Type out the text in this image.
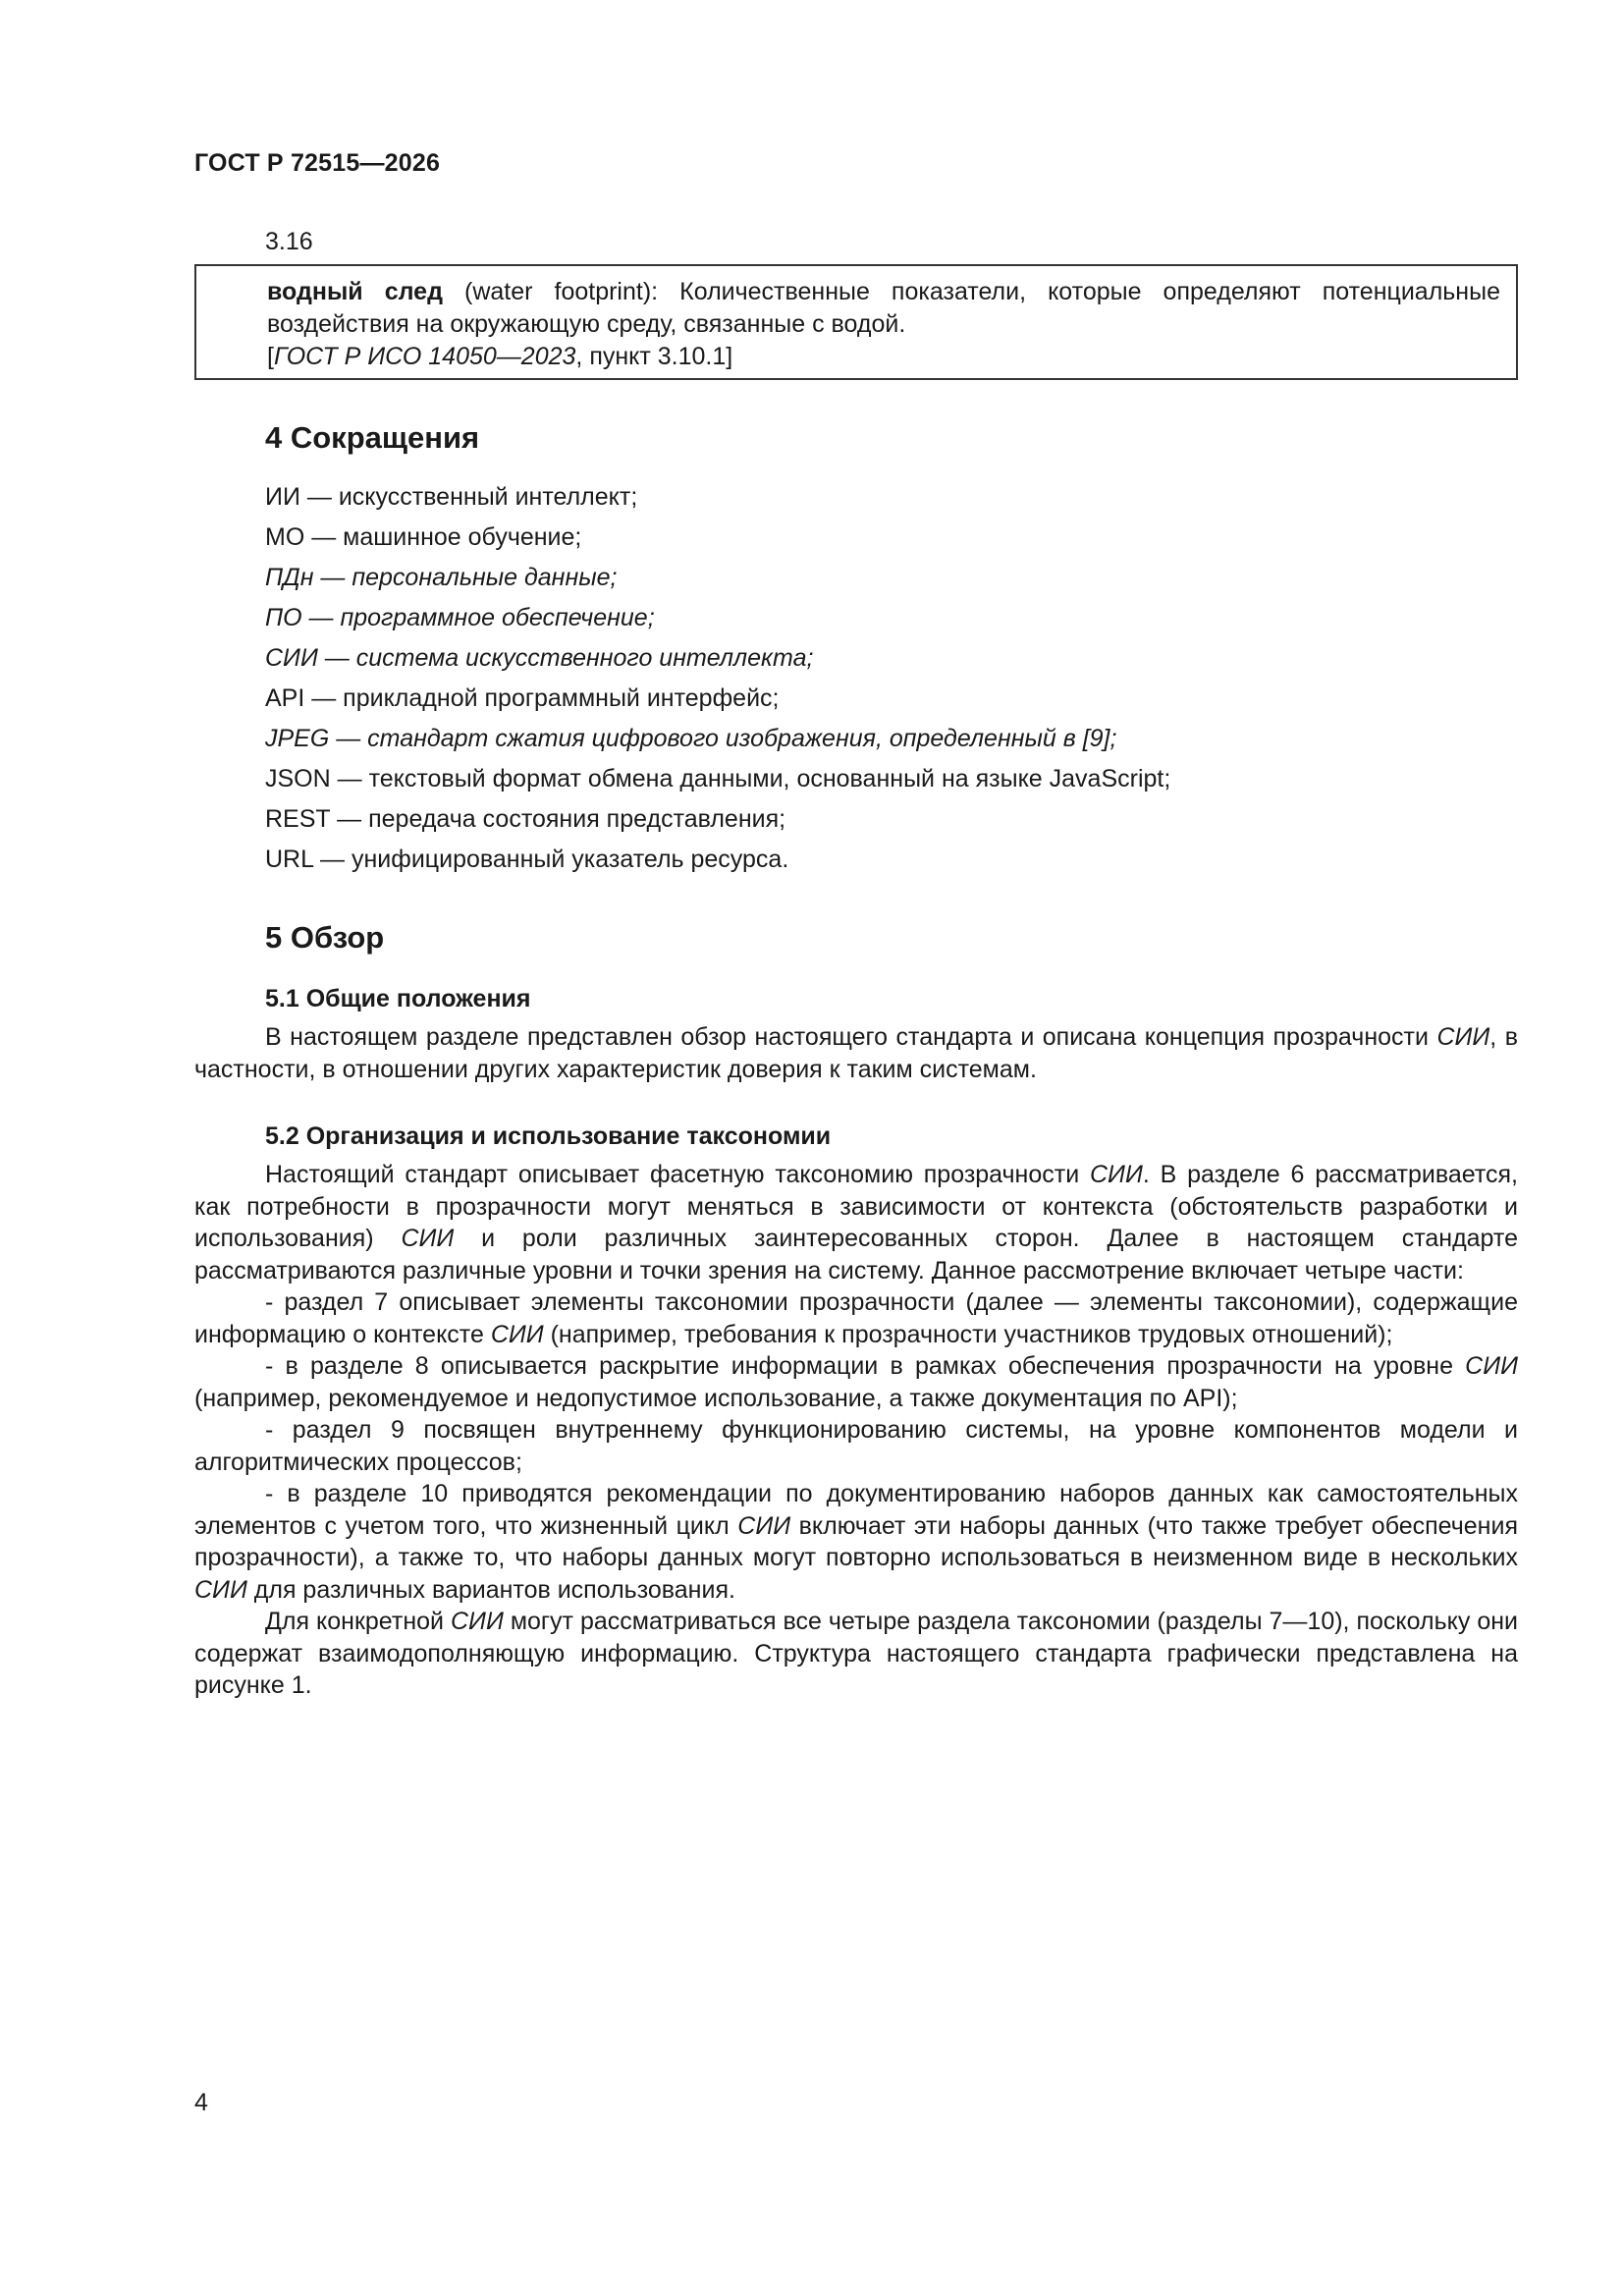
ГОСТ Р 72515—2026
3.16
водный след (water footprint): Количественные показатели, которые определяют потенциальные воздействия на окружающую среду, связанные с водой.
[ГОСТ Р ИСО 14050—2023, пункт 3.10.1]
4 Сокращения
ИИ — искусственный интеллект;
МО — машинное обучение;
ПДн — персональные данные;
ПО — программное обеспечение;
СИИ — система искусственного интеллекта;
API — прикладной программный интерфейс;
JPEG — стандарт сжатия цифрового изображения, определенный в [9];
JSON — текстовый формат обмена данными, основанный на языке JavaScript;
REST — передача состояния представления;
URL — унифицированный указатель ресурса.
5 Обзор
5.1 Общие положения

В настоящем разделе представлен обзор настоящего стандарта и описана концепция прозрачности СИИ, в частности, в отношении других характеристик доверия к таким системам.

5.2 Организация и использование таксономии

Настоящий стандарт описывает фасетную таксономию прозрачности СИИ. В разделе 6 рассматривается, как потребности в прозрачности могут меняться в зависимости от контекста (обстоятельств разработки и использования) СИИ и роли различных заинтересованных сторон. Далее в настоящем стандарте рассматриваются различные уровни и точки зрения на систему. Данное рассмотрение включает четыре части:

- раздел 7 описывает элементы таксономии прозрачности (далее — элементы таксономии), содержащие информацию о контексте СИИ (например, требования к прозрачности участников трудовых отношений);

- в разделе 8 описывается раскрытие информации в рамках обеспечения прозрачности на уровне СИИ (например, рекомендуемое и недопустимое использование, а также документация по API);

- раздел 9 посвящен внутреннему функционированию системы, на уровне компонентов модели и алгоритмических процессов;

- в разделе 10 приводятся рекомендации по документированию наборов данных как самостоятельных элементов с учетом того, что жизненный цикл СИИ включает эти наборы данных (что также требует обеспечения прозрачности), а также то, что наборы данных могут повторно использоваться в неизменном виде в нескольких СИИ для различных вариантов использования.

Для конкретной СИИ могут рассматриваться все четыре раздела таксономии (разделы 7—10), поскольку они содержат взаимодополняющую информацию. Структура настоящего стандарта графически представлена на рисунке 1.

4
